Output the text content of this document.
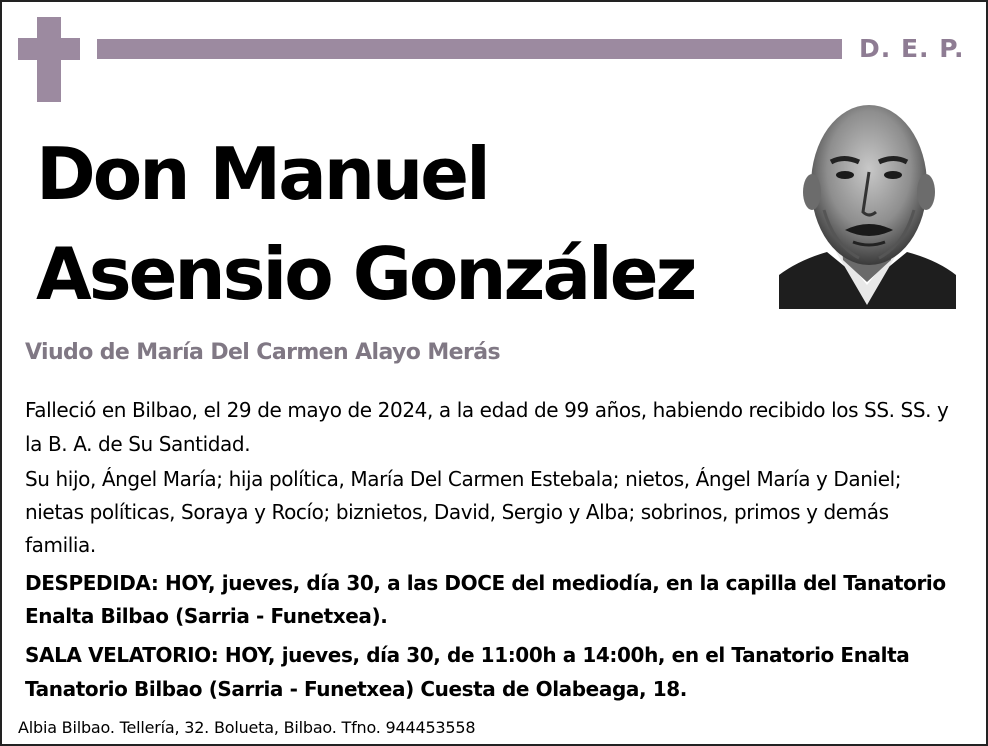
D. E. P.
Don Manuel
Asensio González
Viudo de María Del Carmen Alayo Merás
Falleció en Bilbao, el 29 de mayo de 2024, a la edad de 99 años, habiendo recibido los SS. SS. y la B. A. de Su Santidad.
Su hijo, Ángel María; hija política, María Del Carmen Estebala; nietos, Ángel María y Daniel; nietas políticas, Soraya y Rocío; biznietos, David, Sergio y Alba; sobrinos, primos y demás familia.
DESPEDIDA: HOY, jueves, día 30, a las DOCE del mediodía, en la capilla del Tanatorio Enalta Bilbao (Sarria - Funetxea).
SALA VELATORIO: HOY, jueves, día 30, de 11:00h a 14:00h, en el Tanatorio Enalta Tanatorio Bilbao (Sarria - Funetxea) Cuesta de Olabeaga, 18.
Albia Bilbao. Tellería, 32. Bolueta, Bilbao. Tfno. 944453558
